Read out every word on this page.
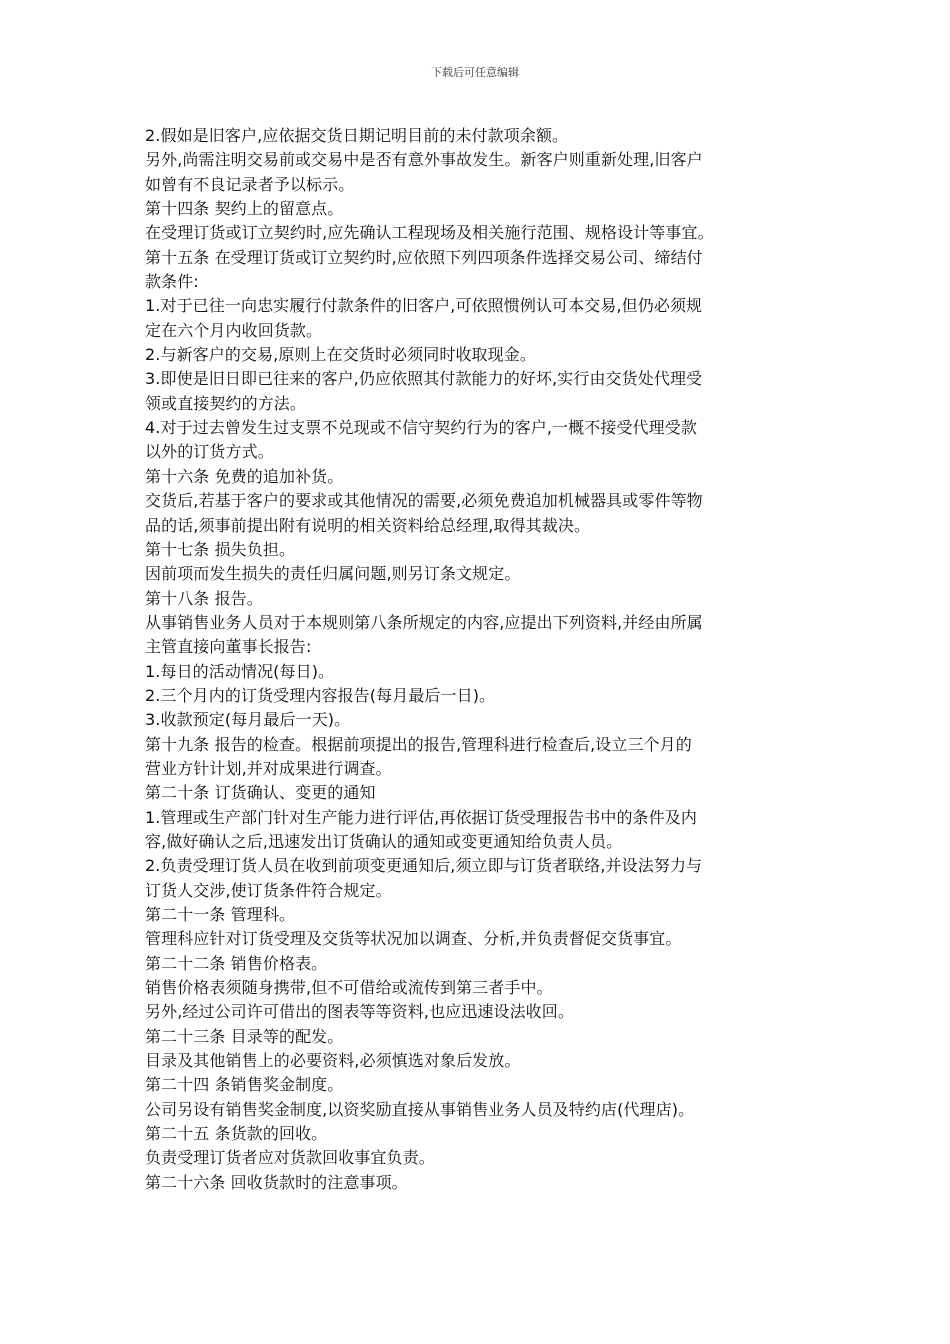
下载后可任意编辑
2.假如是旧客户,应依据交货日期记明目前的未付款项余额。
另外,尚需注明交易前或交易中是否有意外事故发生。新客户则重新处理,旧客户
如曾有不良记录者予以标示。
第十四条 契约上的留意点。
在受理订货或订立契约时,应先确认工程现场及相关施行范围、规格设计等事宜。
第十五条 在受理订货或订立契约时,应依照下列四项条件选择交易公司、缔结付
款条件:
1.对于已往一向忠实履行付款条件的旧客户,可依照惯例认可本交易,但仍必须规
定在六个月内收回货款。
2.与新客户的交易,原则上在交货时必须同时收取现金。
3.即使是旧日即已往来的客户,仍应依照其付款能力的好坏,实行由交货处代理受
领或直接契约的方法。
4.对于过去曾发生过支票不兑现或不信守契约行为的客户,一概不接受代理受款
以外的订货方式。
第十六条 免费的追加补货。
交货后,若基于客户的要求或其他情况的需要,必须免费追加机械器具或零件等物
品的话,须事前提出附有说明的相关资料给总经理,取得其裁决。
第十七条 损失负担。
因前项而发生损失的责任归属问题,则另订条文规定。
第十八条 报告。
从事销售业务人员对于本规则第八条所规定的内容,应提出下列资料,并经由所属
主管直接向董事长报告:
1.每日的活动情况(每日)。
2.三个月内的订货受理内容报告(每月最后一日)。
3.收款预定(每月最后一天)。
第十九条 报告的检查。根据前项提出的报告,管理科进行检查后,设立三个月的
营业方针计划,并对成果进行调查。
第二十条 订货确认、变更的通知
1.管理或生产部门针对生产能力进行评估,再依据订货受理报告书中的条件及内
容,做好确认之后,迅速发出订货确认的通知或变更通知给负责人员。
2.负责受理订货人员在收到前项变更通知后,须立即与订货者联络,并设法努力与
订货人交涉,使订货条件符合规定。
第二十一条 管理科。
管理科应针对订货受理及交货等状况加以调查、分析,并负责督促交货事宜。
第二十二条 销售价格表。
销售价格表须随身携带,但不可借给或流传到第三者手中。
另外,经过公司许可借出的图表等等资料,也应迅速设法收回。
第二十三条 目录等的配发。
目录及其他销售上的必要资料,必须慎选对象后发放。
第二十四 条销售奖金制度。
公司另设有销售奖金制度,以资奖励直接从事销售业务人员及特约店(代理店)。
第二十五 条货款的回收。
负责受理订货者应对货款回收事宜负责。
第二十六条 回收货款时的注意事项。
